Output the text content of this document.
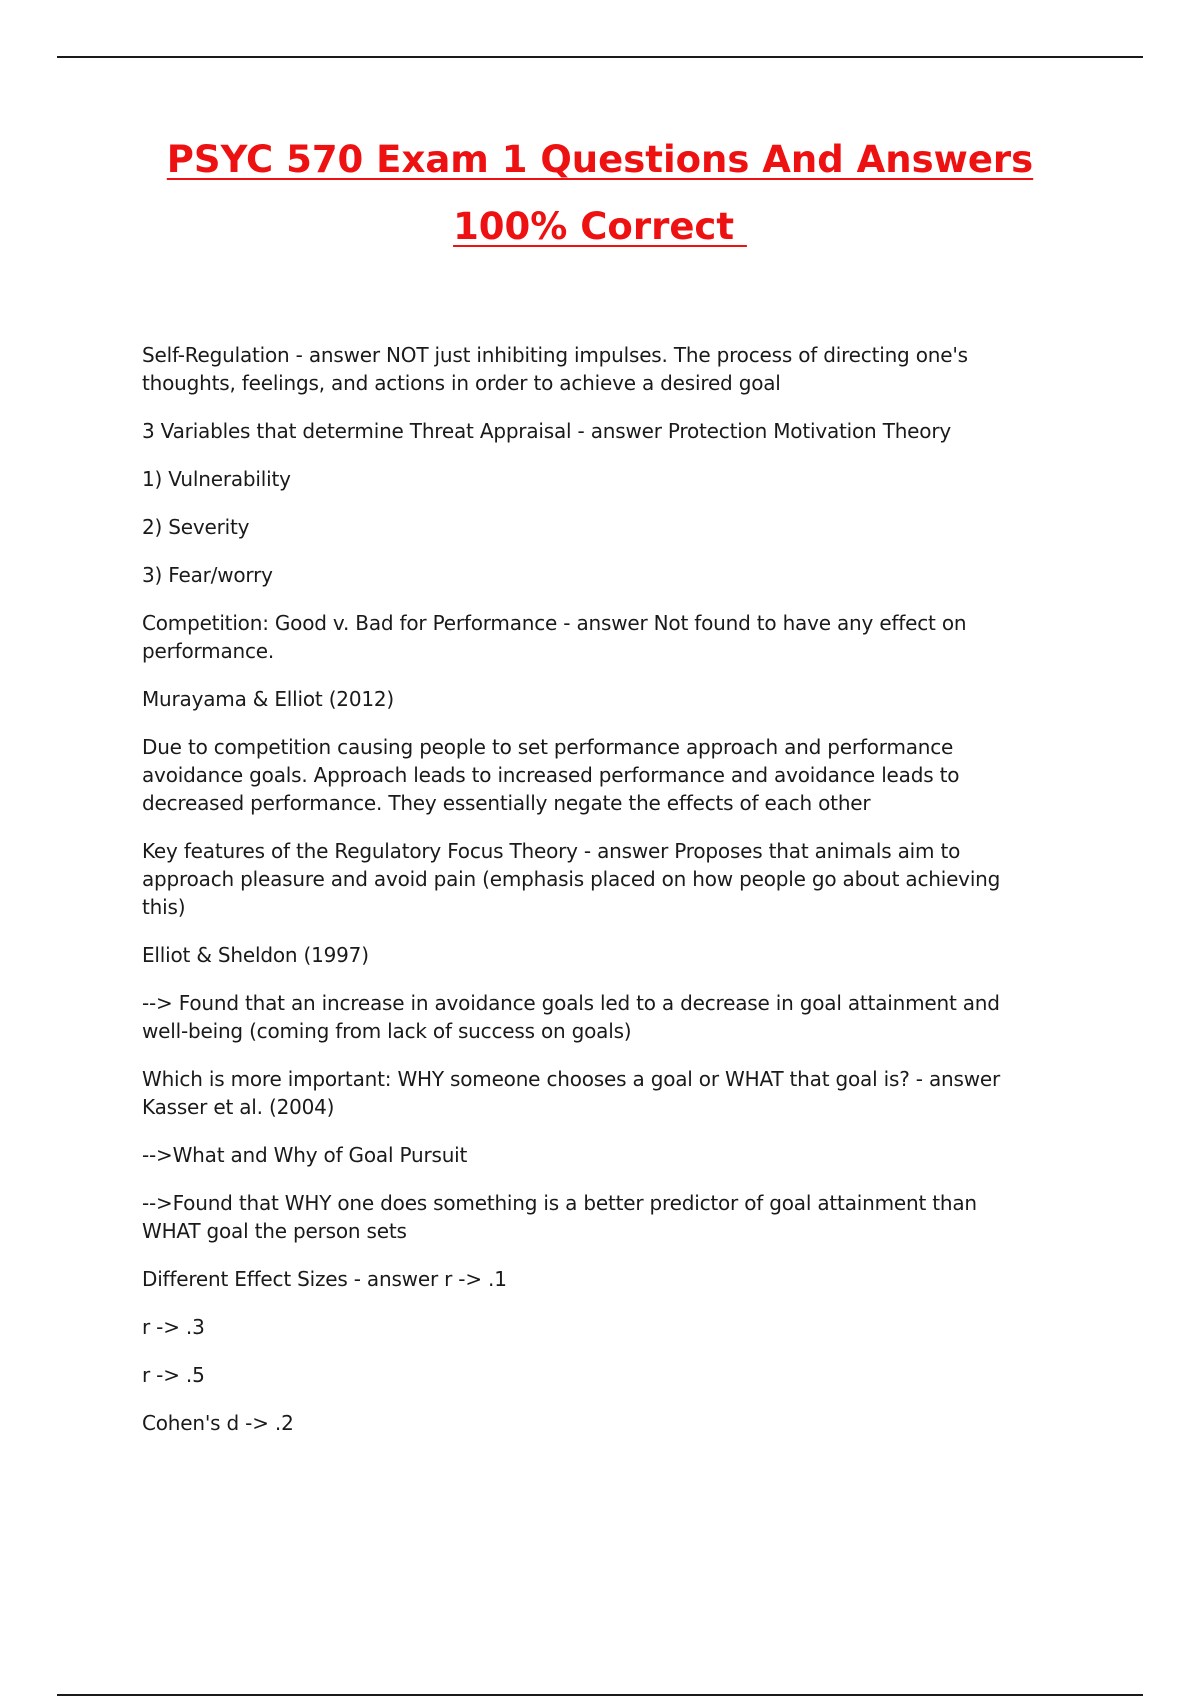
PSYC 570 Exam 1 Questions And Answers
100% Correct

Self-Regulation - answer NOT just inhibiting impulses. The process of directing one's
thoughts, feelings, and actions in order to achieve a desired goal

3 Variables that determine Threat Appraisal - answer Protection Motivation Theory

1) Vulnerability

2) Severity

3) Fear/worry

Competition: Good v. Bad for Performance - answer Not found to have any effect on
performance.

Murayama & Elliot (2012)

Due to competition causing people to set performance approach and performance
avoidance goals. Approach leads to increased performance and avoidance leads to
decreased performance. They essentially negate the effects of each other

Key features of the Regulatory Focus Theory - answer Proposes that animals aim to
approach pleasure and avoid pain (emphasis placed on how people go about achieving
this)

Elliot & Sheldon (1997)

--> Found that an increase in avoidance goals led to a decrease in goal attainment and
well-being (coming from lack of success on goals)

Which is more important: WHY someone chooses a goal or WHAT that goal is? - answer
Kasser et al. (2004)

-->What and Why of Goal Pursuit

-->Found that WHY one does something is a better predictor of goal attainment than
WHAT goal the person sets

Different Effect Sizes - answer r -> .1

r -> .3

r -> .5

Cohen's d -> .2
